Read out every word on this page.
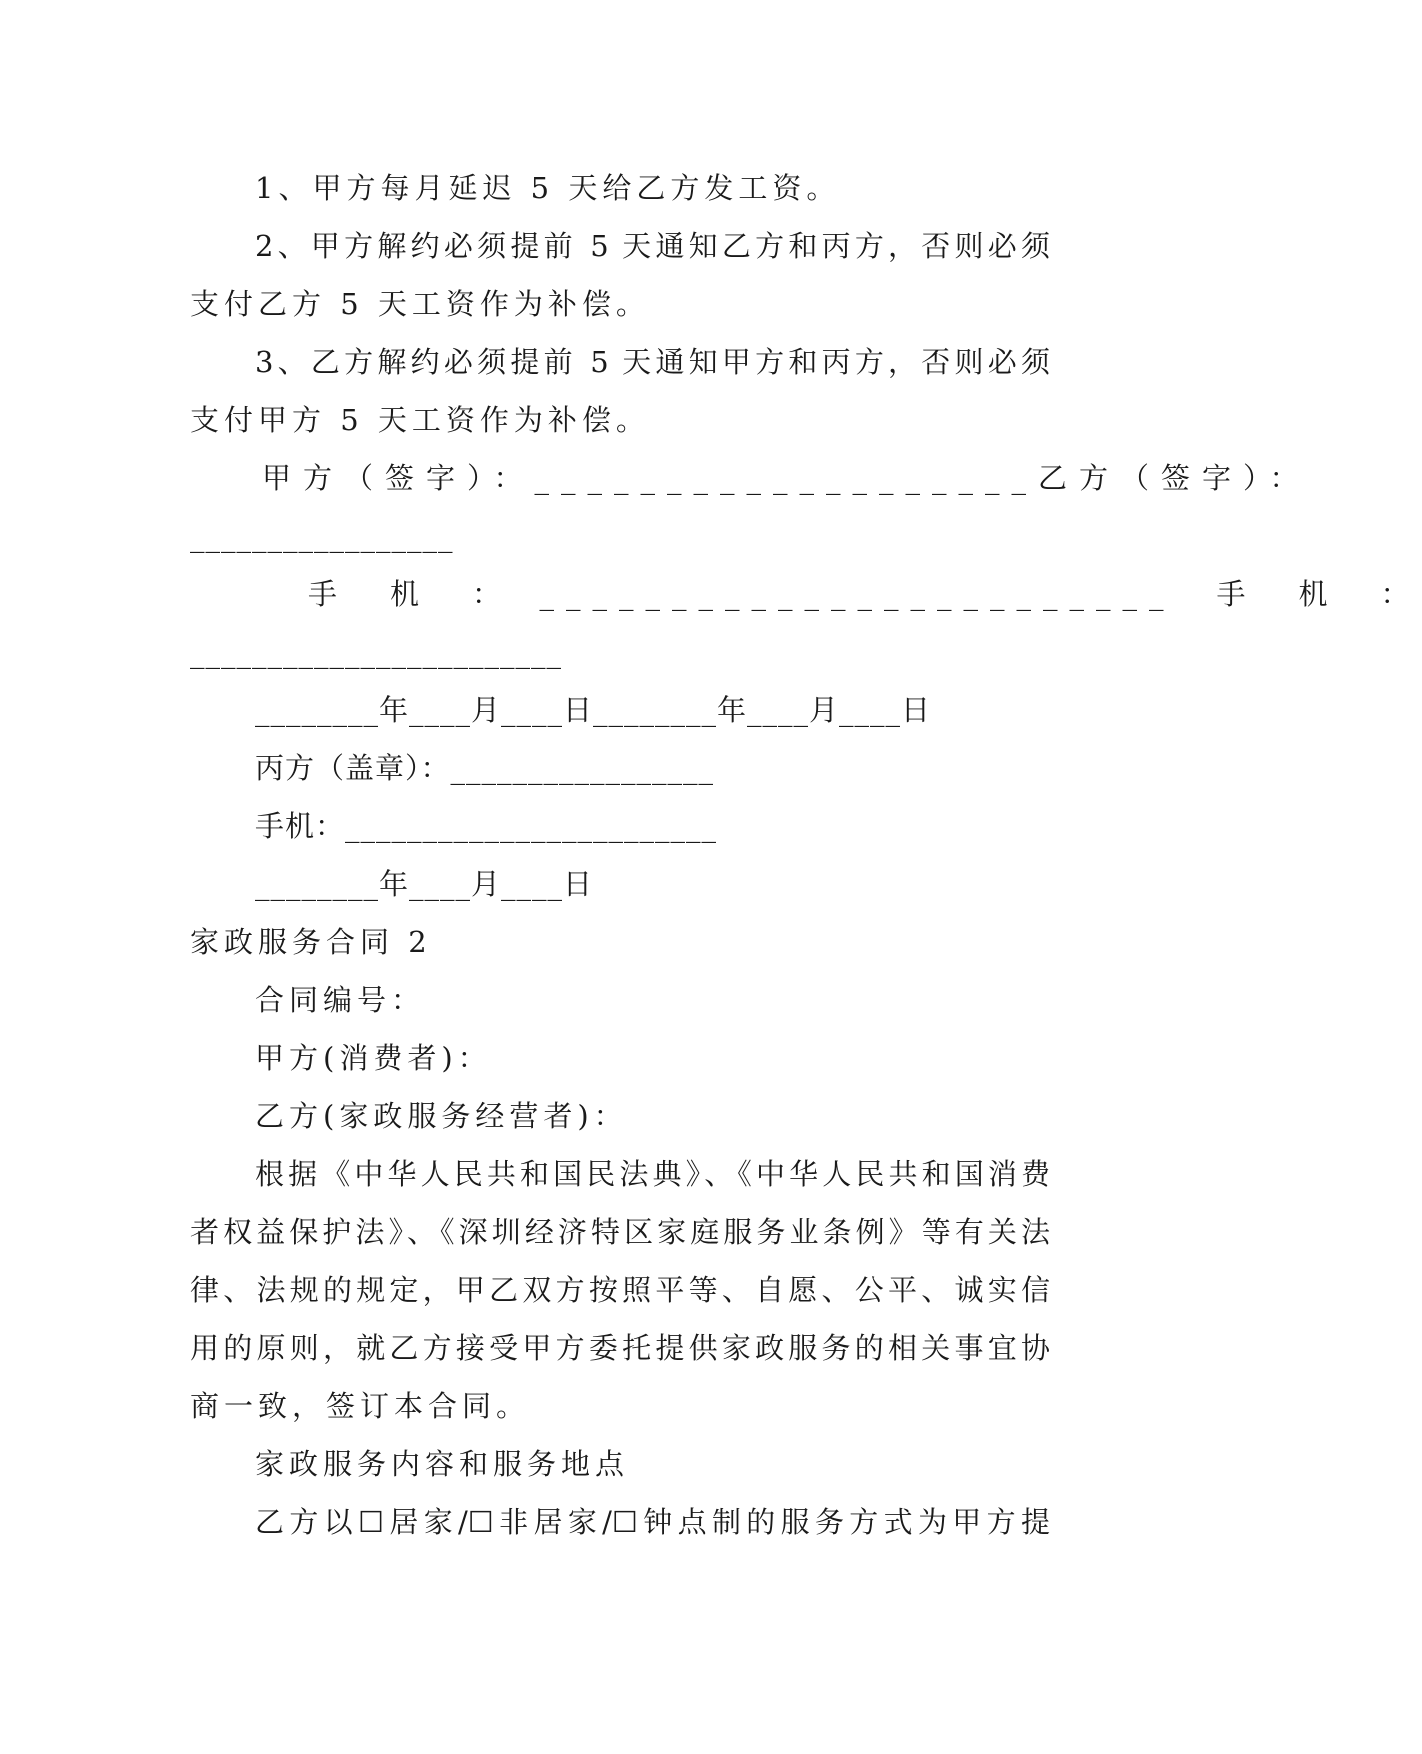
1、甲方每月延迟 5 天给乙方发工资。
2、甲方解约必须提前 5 天通知乙方和丙方，否则必须
支付乙方 5 天工资作为补偿。
3、乙方解约必须提前 5 天通知甲方和丙方，否则必须
支付甲方 5 天工资作为补偿。
甲方（签字）：___________________乙方（签字）：
_________________
手　机　：　________________________　手　机　：
________________________
________年____月____日________年____月____日
丙方（盖章）：_________________
手机：________________________
________年____月____日
家政服务合同 2
合同编号：
甲方(消费者)：
乙方(家政服务经营者)：
根据《中华人民共和国民法典》、《中华人民共和国消费
者权益保护法》、《深圳经济特区家庭服务业条例》等有关法
律、法规的规定，甲乙双方按照平等、自愿、公平、诚实信
用的原则，就乙方接受甲方委托提供家政服务的相关事宜协
商一致，签订本合同。
家政服务内容和服务地点
乙方以☐居家/☐非居家/☐钟点制的服务方式为甲方提
